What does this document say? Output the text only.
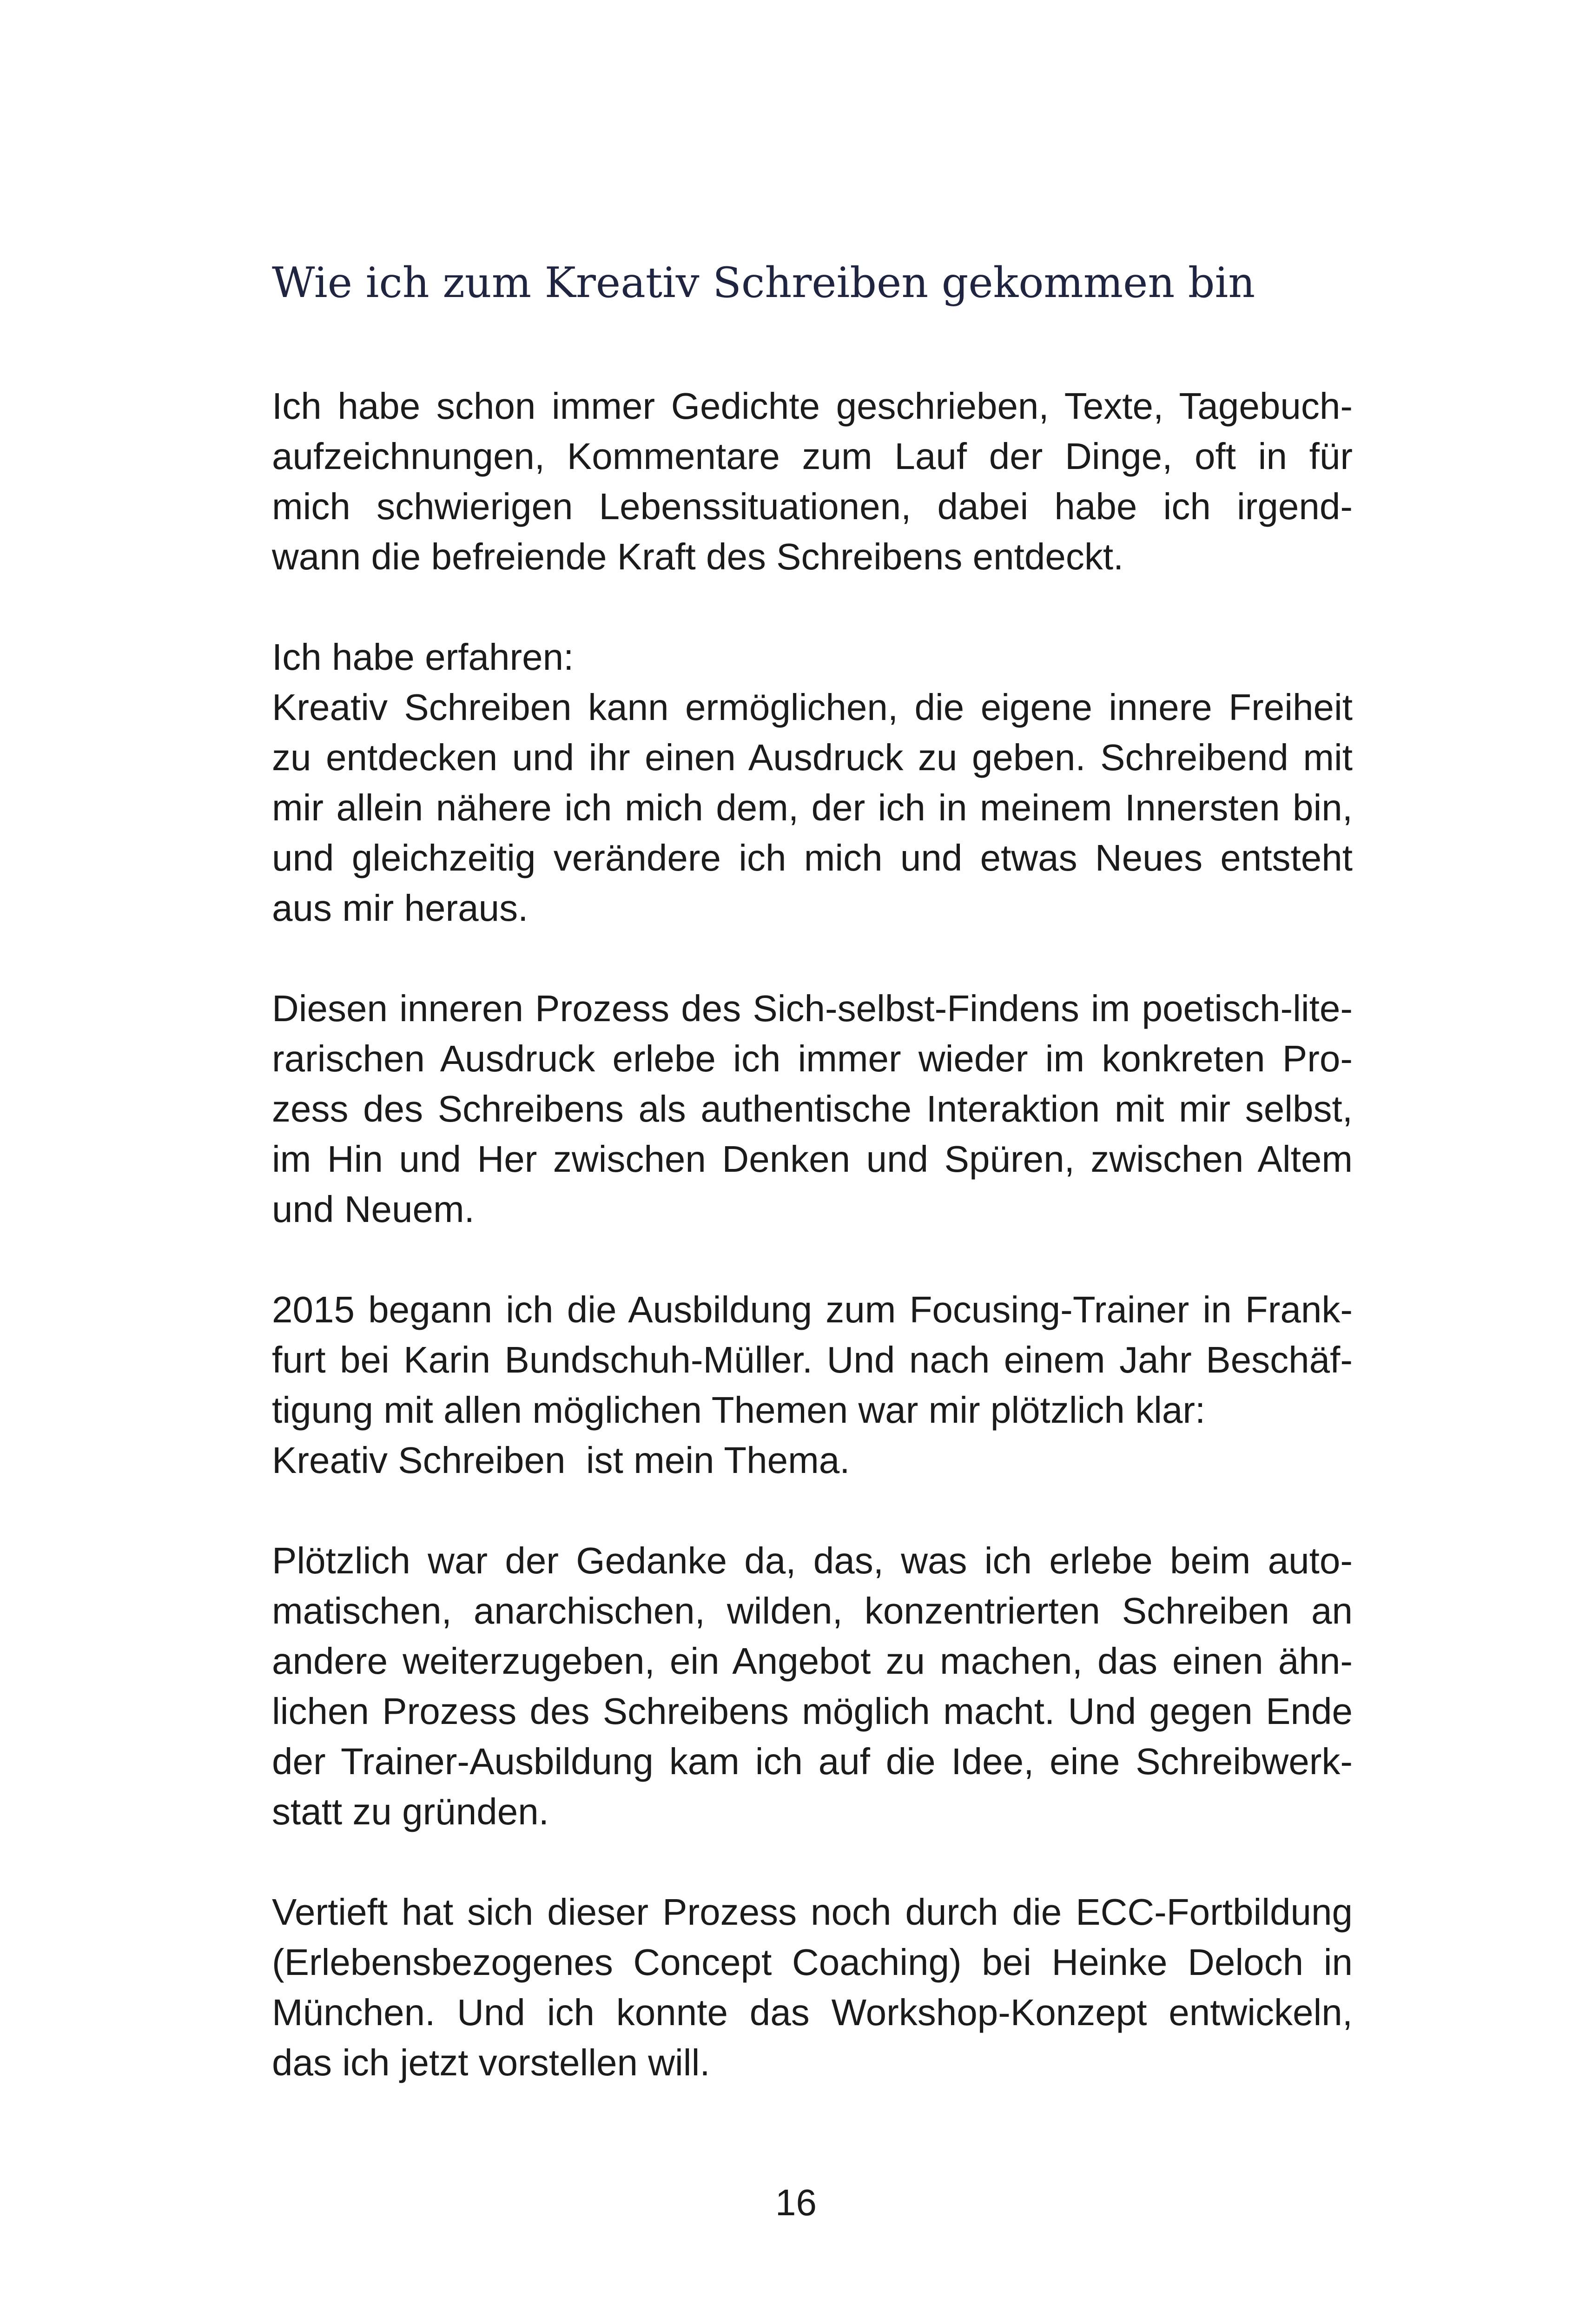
Wie ich zum Kreativ Schreiben gekommen bin

Ich habe schon immer Gedichte geschrieben, Texte, Tagebuch-
aufzeichnungen, Kommentare zum Lauf der Dinge, oft in für
mich schwierigen Lebenssituationen, dabei habe ich irgend-
wann die befreiende Kraft des Schreibens entdeckt.

Ich habe erfahren:
Kreativ Schreiben kann ermöglichen, die eigene innere Freiheit
zu entdecken und ihr einen Ausdruck zu geben. Schreibend mit
mir allein nähere ich mich dem, der ich in meinem Innersten bin,
und gleichzeitig verändere ich mich und etwas Neues entsteht
aus mir heraus.

Diesen inneren Prozess des Sich-selbst-Findens im poetisch-lite-
rarischen Ausdruck erlebe ich immer wieder im konkreten Pro-
zess des Schreibens als authentische Interaktion mit mir selbst,
im Hin und Her zwischen Denken und Spüren, zwischen Altem
und Neuem.

2015 begann ich die Ausbildung zum Focusing-Trainer in Frank-
furt bei Karin Bundschuh-Müller. Und nach einem Jahr Beschäf-
tigung mit allen möglichen Themen war mir plötzlich klar:
Kreativ Schreiben  ist mein Thema.

Plötzlich war der Gedanke da, das, was ich erlebe beim auto-
matischen, anarchischen, wilden, konzentrierten Schreiben an
andere weiterzugeben, ein Angebot zu machen, das einen ähn-
lichen Prozess des Schreibens möglich macht. Und gegen Ende
der Trainer-Ausbildung kam ich auf die Idee, eine Schreibwerk-
statt zu gründen.

Vertieft hat sich dieser Prozess noch durch die ECC-Fortbildung
(Erlebensbezogenes Concept Coaching) bei Heinke Deloch in
München. Und ich konnte das Workshop-Konzept entwickeln,
das ich jetzt vorstellen will.

16
